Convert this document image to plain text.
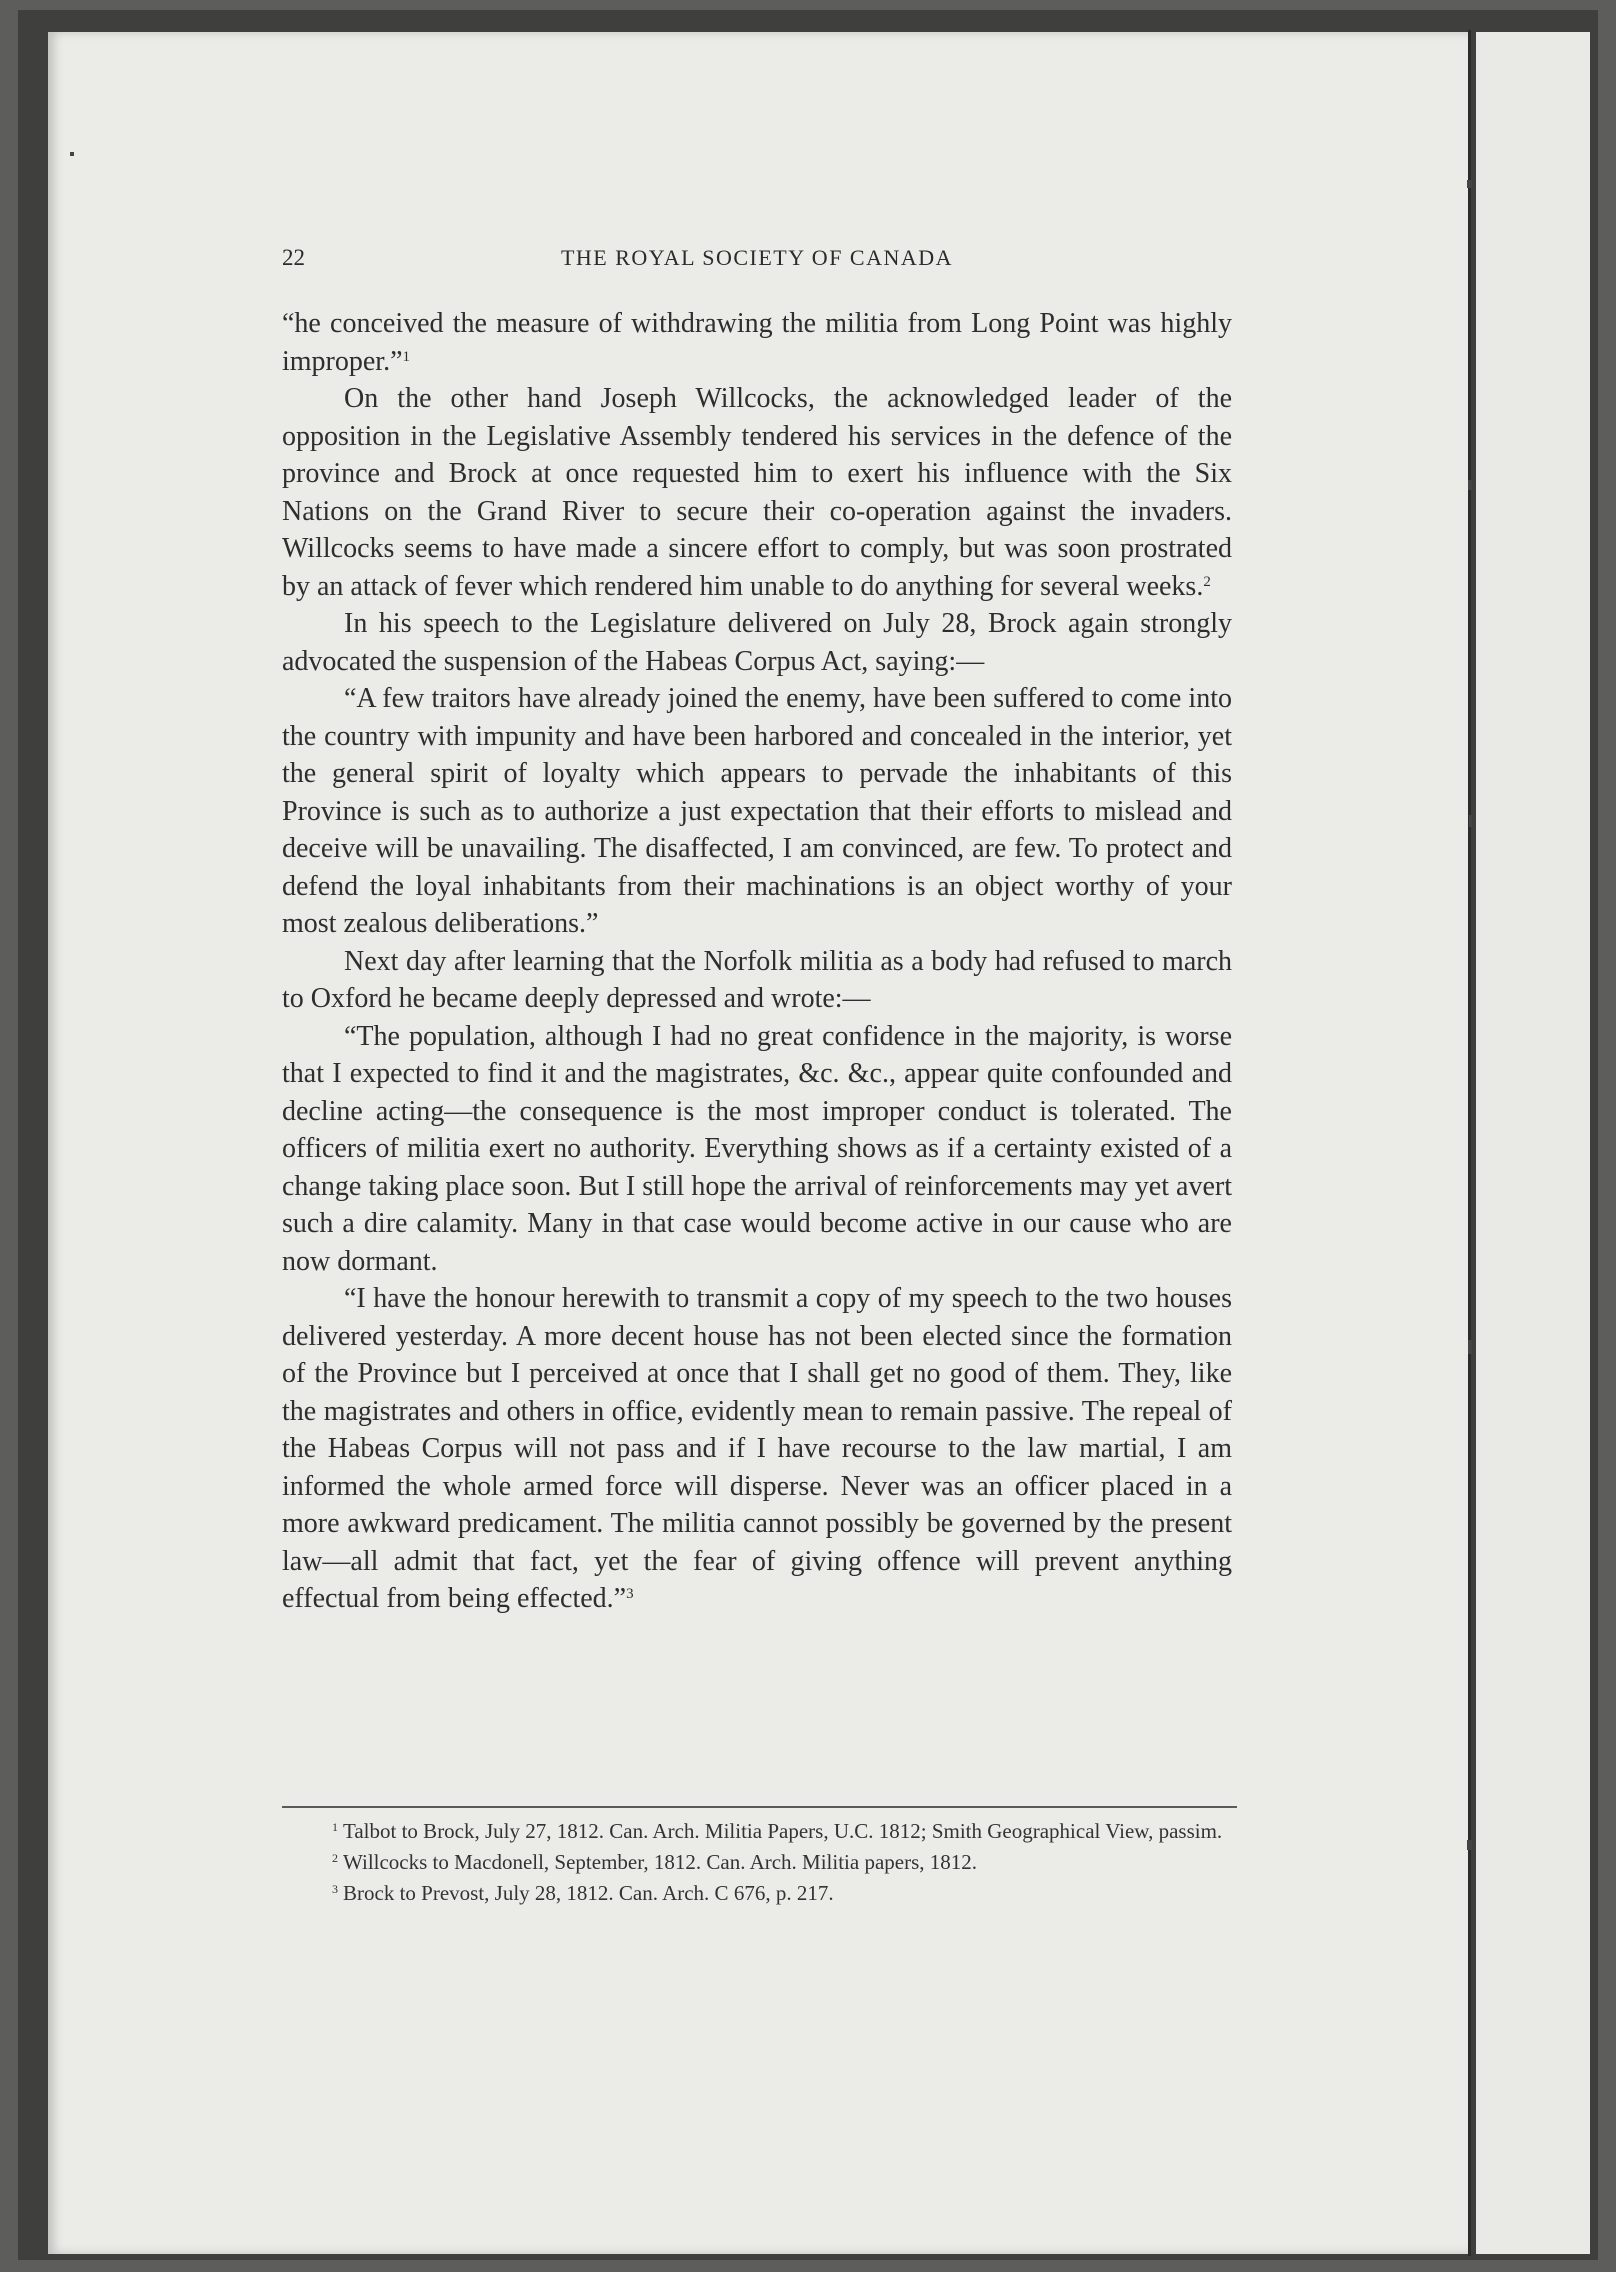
22	THE ROYAL SOCIETY OF CANADA

“he conceived the measure of withdrawing the militia from Long Point was highly improper.”$^1$

On the other hand Joseph Willcocks, the acknowledged leader of the opposition in the Legislative Assembly tendered his services in the defence of the province and Brock at once requested him to exert his influence with the Six Nations on the Grand River to secure their co-operation against the invaders. Willcocks seems to have made a sincere effort to comply, but was soon prostrated by an attack of fever which rendered him unable to do anything for several weeks.$^2$

In his speech to the Legislature delivered on July 28, Brock again strongly advocated the suspension of the Habeas Corpus Act, saying:—

“A few traitors have already joined the enemy, have been suffered to come into the country with impunity and have been harbored and concealed in the interior, yet the general spirit of loyalty which appears to pervade the inhabitants of this Province is such as to authorize a just expectation that their efforts to mislead and deceive will be unavailing. The disaffected, I am convinced, are few. To protect and defend the loyal inhabitants from their machinations is an object worthy of your most zealous deliberations.”

Next day after learning that the Norfolk militia as a body had refused to march to Oxford he became deeply depressed and wrote:—

“The population, although I had no great confidence in the majority, is worse that I expected to find it and the magistrates, &c. &c., appear quite confounded and decline acting—the consequence is the most improper conduct is tolerated. The officers of militia exert no authority. Everything shows as if a certainty existed of a change taking place soon. But I still hope the arrival of reinforcements may yet avert such a dire calamity. Many in that case would become active in our cause who are now dormant.

“I have the honour herewith to transmit a copy of my speech to the two houses delivered yesterday. A more decent house has not been elected since the formation of the Province but I perceived at once that I shall get no good of them. They, like the magistrates and others in office, evidently mean to remain passive. The repeal of the Habeas Corpus will not pass and if I have recourse to the law martial, I am informed the whole armed force will disperse. Never was an officer placed in a more awkward predicament. The militia cannot possibly be governed by the present law—all admit that fact, yet the fear of giving offence will prevent anything effectual from being effected.”$^3$

$^1$ Talbot to Brock, July 27, 1812. Can. Arch. Militia Papers, U.C. 1812; Smith Geographical View, passim.

$^2$ Willcocks to Macdonell, September, 1812. Can. Arch. Militia papers, 1812.

$^3$ Brock to Prevost, July 28, 1812. Can. Arch. C 676, p. 217.
